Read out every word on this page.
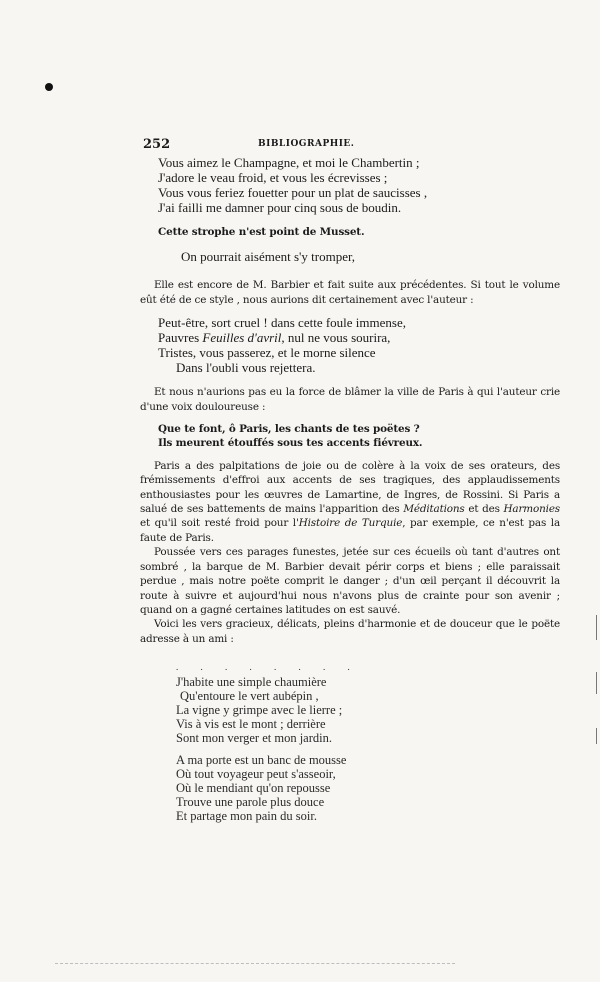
252	BIBLIOGRAPHIE.
Vous aimez le Champagne, et moi le Chambertin ;
J'adore le veau froid, et vous les écrevisses ;
Vous vous feriez fouetter pour un plat de saucisses ,
J'ai failli me damner pour cinq sous de boudin.
Cette strophe n'est point de Musset.
On pourrait aisément s'y tromper,
Elle est encore de M. Barbier et fait suite aux précédentes. Si tout le volume eût été de ce style , nous aurions dit certainement avec l'auteur :
Peut-être, sort cruel ! dans cette foule immense,
Pauvres Feuilles d'avril, nul ne vous sourira,
Tristes, vous passerez, et le morne silence
Dans l'oubli vous rejettera.
Et nous n'aurions pas eu la force de blâmer la ville de Paris à qui l'auteur crie d'une voix douloureuse :
Que te font, ô Paris, les chants de tes poëtes ?
Ils meurent étouffés sous tes accents fiévreux.
Paris a des palpitations de joie ou de colère à la voix de ses orateurs, des frémissements d'effroi aux accents de ses tragiques, des applaudissements enthousiastes pour les œuvres de Lamartine, de Ingres, de Rossini. Si Paris a salué de ses battements de mains l'apparition des Méditations et des Harmonies et qu'il soit resté froid pour l'Histoire de Turquie, par exemple, ce n'est pas la faute de Paris.
Poussée vers ces parages funestes, jetée sur ces écueils où tant d'autres ont sombré , la barque de M. Barbier devait périr corps et biens ; elle paraissait perdue , mais notre poëte comprit le danger ; d'un œil perçant il découvrit la route à suivre et aujourd'hui nous n'avons plus de crainte pour son avenir ; quand on a gagné certaines latitudes on est sauvé.
Voici les vers gracieux, délicats, pleins d'harmonie et de douceur que le poëte adresse à un ami :
. . . . . . . .
J'habite une simple chaumière
Qu'entoure le vert aubépin ,
La vigne y grimpe avec le lierre ;
Vis à vis est le mont ; derrière
Sont mon verger et mon jardin.
A ma porte est un banc de mousse
Où tout voyageur peut s'asseoir,
Où le mendiant qu'on repousse
Trouve une parole plus douce
Et partage mon pain du soir.
